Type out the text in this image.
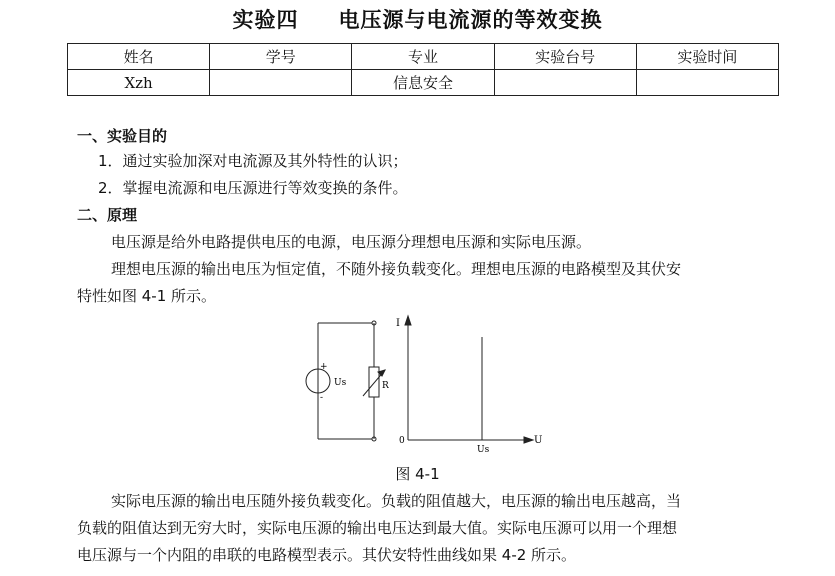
实验四 电压源与电流源的等效变换
姓名	学号	专业	实验台号	实验时间
Xzh		信息安全		
一、实验目的
1．通过实验加深对电流源及其外特性的认识；
2．掌握电流源和电压源进行等效变换的条件。
二、原理
电压源是给外电路提供电压的电源，电压源分理想电压源和实际电压源。
理想电压源的输出电压为恒定值，不随外接负载变化。理想电压源的电路模型及其伏安
特性如图 4-1 所示。
+
-
Us	R
I
U
0
Us
图 4-1
实际电压源的输出电压随外接负载变化。负载的阻值越大，电压源的输出电压越高，当
负载的阻值达到无穷大时，实际电压源的输出电压达到最大值。实际电压源可以用一个理想
电压源与一个内阻的串联的电路模型表示。其伏安特性曲线如果 4-2 所示。
